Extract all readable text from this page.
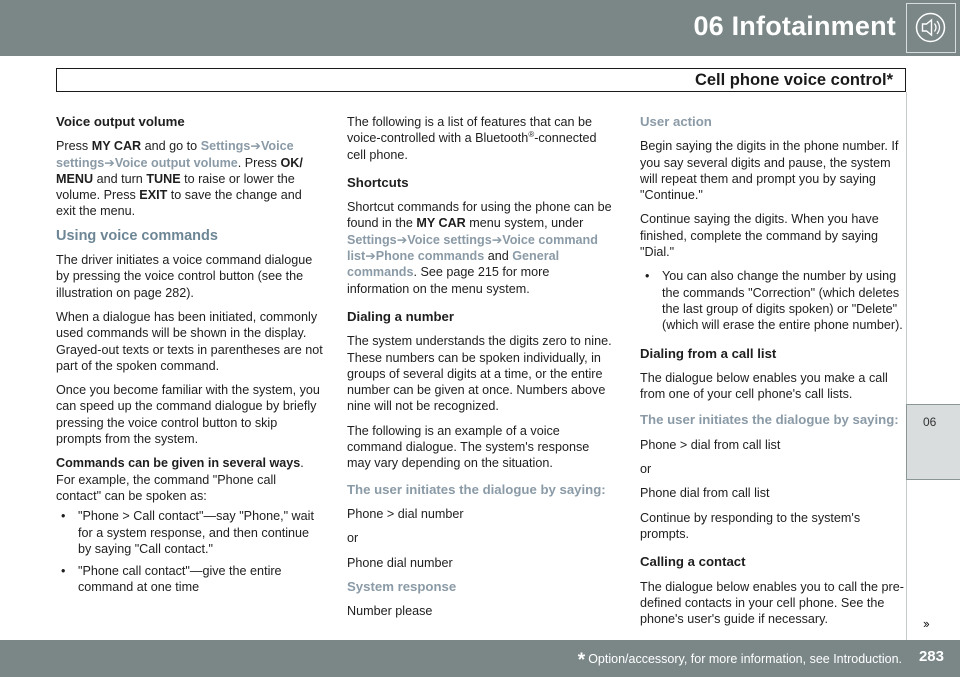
06 Infotainment
Cell phone voice control*
06

Voice output volume

Press MY CAR and go to Settings➔Voice settings➔Voice output volume. Press OK/ MENU and turn TUNE to raise or lower the volume. Press EXIT to save the change and exit the menu.

Using voice commands

The driver initiates a voice command dialogue by pressing the voice control button (see the illustration on page 282).

When a dialogue has been initiated, commonly used commands will be shown in the display. Grayed-out texts or texts in parentheses are not part of the spoken command.

Once you become familiar with the system, you can speed up the command dialogue by briefly pressing the voice control button to skip prompts from the system.

Commands can be given in several ways. For example, the command "Phone call contact" can be spoken as:

• "Phone > Call contact"—say "Phone," wait for a system response, and then continue by saying "Call contact."
• "Phone call contact"—give the entire command at one time

The following is a list of features that can be voice-controlled with a Bluetooth®-connected cell phone.

Shortcuts

Shortcut commands for using the phone can be found in the MY CAR menu system, under Settings➔Voice settings➔Voice command list➔Phone commands and General commands. See page 215 for more information on the menu system.

Dialing a number

The system understands the digits zero to nine. These numbers can be spoken individually, in groups of several digits at a time, or the entire number can be given at once. Numbers above nine will not be recognized.

The following is an example of a voice command dialogue. The system's response may vary depending on the situation.

The user initiates the dialogue by saying:

Phone > dial number

or

Phone dial number

System response

Number please

User action

Begin saying the digits in the phone number. If you say several digits and pause, the system will repeat them and prompt you by saying "Continue."

Continue saying the digits. When you have finished, complete the command by saying "Dial."

• You can also change the number by using the commands "Correction" (which deletes the last group of digits spoken) or "Delete" (which will erase the entire phone number).

Dialing from a call list

The dialogue below enables you make a call from one of your cell phone's call lists.

The user initiates the dialogue by saying:

Phone > dial from call list

or

Phone dial from call list

Continue by responding to the system's prompts.

Calling a contact

The dialogue below enables you to call the pre-defined contacts in your cell phone. See the phone's user's guide if necessary.	››
* Option/accessory, for more information, see Introduction. 283
